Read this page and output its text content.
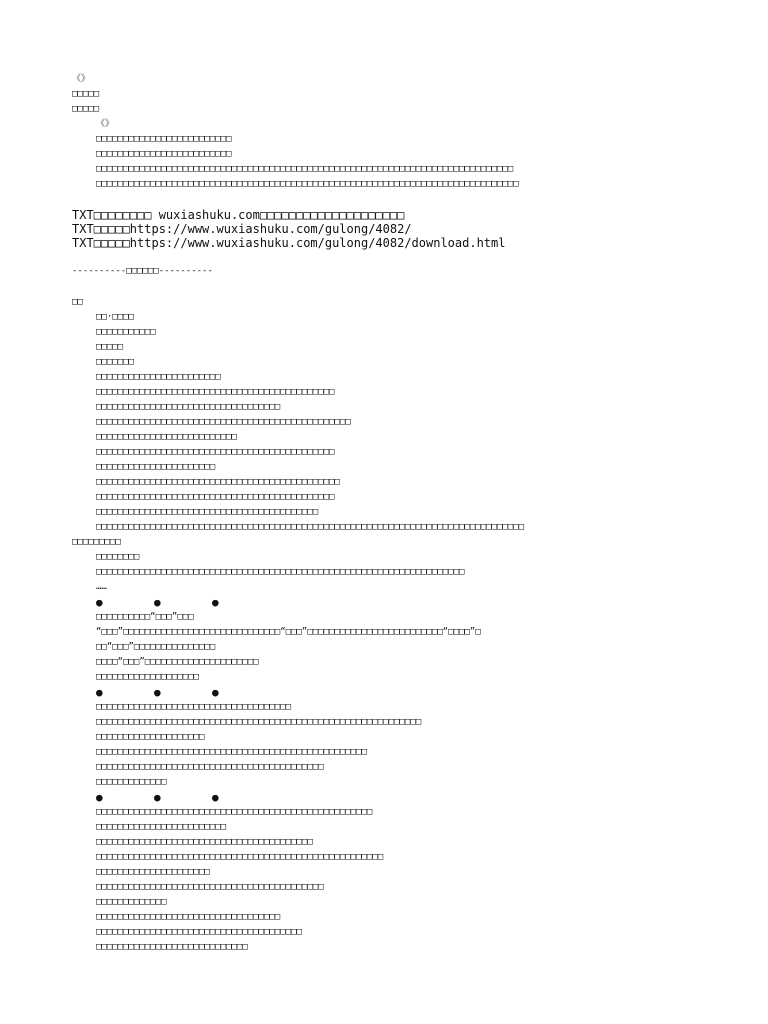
《》
□□□□□
□□□□□
《》
□□□□□□□□□□□□□□□□□□□□□□□□□
□□□□□□□□□□□□□□□□□□□□□□□□□
□□□□□□□□□□□□□□□□□□□□□□□□□□□□□□□□□□□□□□□□□□□□□□□□□□□□□□□□□□□□□□□□□□□□□□□□□□□□□
□□□□□□□□□□□□□□□□□□□□□□□□□□□□□□□□□□□□□□□□□□□□□□□□□□□□□□□□□□□□□□□□□□□□□□□□□□□□□□
TXT□□□□□□□□ wuxiashuku.com□□□□□□□□□□□□□□□□□□□□
TXT□□□□□https://www.wuxiashuku.com/gulong/4082/
TXT□□□□□https://www.wuxiashuku.com/gulong/4082/download.html
----------□□□□□□----------
□□
□□·□□□□
□□□□□□□□□□□
□□□□□
□□□□□□□
□□□□□□□□□□□□□□□□□□□□□□□
□□□□□□□□□□□□□□□□□□□□□□□□□□□□□□□□□□□□□□□□□□□□
□□□□□□□□□□□□□□□□□□□□□□□□□□□□□□□□□□
□□□□□□□□□□□□□□□□□□□□□□□□□□□□□□□□□□□□□□□□□□□□□□□
□□□□□□□□□□□□□□□□□□□□□□□□□□
□□□□□□□□□□□□□□□□□□□□□□□□□□□□□□□□□□□□□□□□□□□□
□□□□□□□□□□□□□□□□□□□□□□
□□□□□□□□□□□□□□□□□□□□□□□□□□□□□□□□□□□□□□□□□□□□□
□□□□□□□□□□□□□□□□□□□□□□□□□□□□□□□□□□□□□□□□□□□□
□□□□□□□□□□□□□□□□□□□□□□□□□□□□□□□□□□□□□□□□□
□□□□□□□□□□□□□□□□□□□□□□□□□□□□□□□□□□□□□□□□□□□□□□□□□□□□□□□□□□□□□□□□□□□□□□□□□□□□□□□
□□□□□□□□□
□□□□□□□□
□□□□□□□□□□□□□□□□□□□□□□□□□□□□□□□□□□□□□□□□□□□□□□□□□□□□□□□□□□□□□□□□□□□□
……
●	●	●
□□□□□□□□□□“□□□”□□□
“□□□”□□□□□□□□□□□□□□□□□□□□□□□□□□□□□“□□□”□□□□□□□□□□□□□□□□□□□□□□□□□“□□□□”□
□□“□□□”□□□□□□□□□□□□□□□
□□□□“□□□”□□□□□□□□□□□□□□□□□□□□□
□□□□□□□□□□□□□□□□□□□
●	●	●
□□□□□□□□□□□□□□□□□□□□□□□□□□□□□□□□□□□□
□□□□□□□□□□□□□□□□□□□□□□□□□□□□□□□□□□□□□□□□□□□□□□□□□□□□□□□□□□□□
□□□□□□□□□□□□□□□□□□□□
□□□□□□□□□□□□□□□□□□□□□□□□□□□□□□□□□□□□□□□□□□□□□□□□□□
□□□□□□□□□□□□□□□□□□□□□□□□□□□□□□□□□□□□□□□□□□
□□□□□□□□□□□□□
●	●	●
□□□□□□□□□□□□□□□□□□□□□□□□□□□□□□□□□□□□□□□□□□□□□□□□□□□
□□□□□□□□□□□□□□□□□□□□□□□□
□□□□□□□□□□□□□□□□□□□□□□□□□□□□□□□□□□□□□□□□
□□□□□□□□□□□□□□□□□□□□□□□□□□□□□□□□□□□□□□□□□□□□□□□□□□□□□
□□□□□□□□□□□□□□□□□□□□□
□□□□□□□□□□□□□□□□□□□□□□□□□□□□□□□□□□□□□□□□□□
□□□□□□□□□□□□□
□□□□□□□□□□□□□□□□□□□□□□□□□□□□□□□□□□
□□□□□□□□□□□□□□□□□□□□□□□□□□□□□□□□□□□□□□
□□□□□□□□□□□□□□□□□□□□□□□□□□□□
